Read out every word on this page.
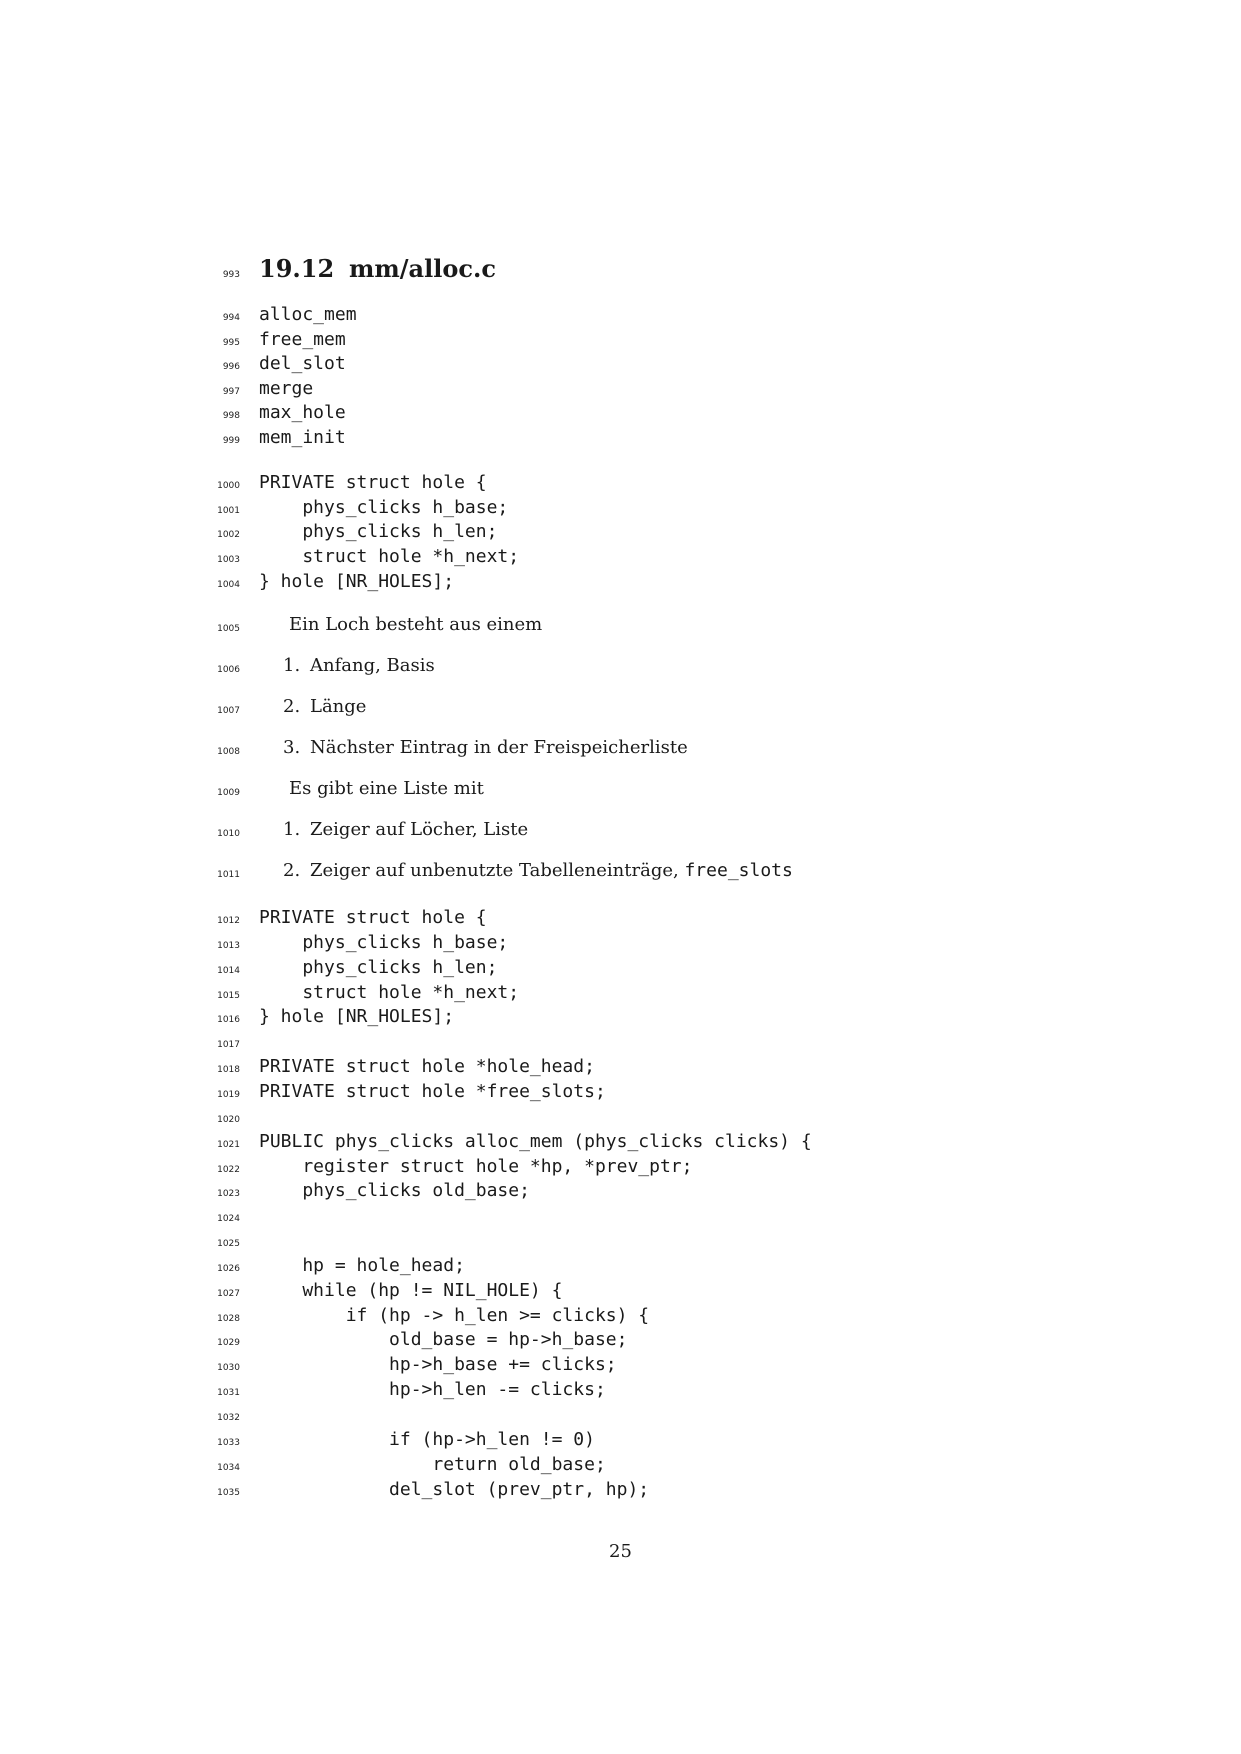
993 19.12 mm/alloc.c
994 alloc_mem
995 free_mem
996 del_slot
997 merge
998 max_hole
999 mem_init
1000 PRIVATE struct hole {
1001 phys_clicks h_base;
1002 phys_clicks h_len;
1003 struct hole *h_next;
1004 } hole [NR_HOLES];
1005	Ein Loch besteht aus einem
1006 1. Anfang, Basis
1007 2. Länge
1008 3. Nächster Eintrag in der Freispeicherliste
1009	Es gibt eine Liste mit
1010 1. Zeiger auf Löcher, Liste
1011 2. Zeiger auf unbenutzte Tabelleneinträge, free_slots
1012 PRIVATE struct hole {
1013 phys_clicks h_base;
1014 phys_clicks h_len;
1015 struct hole *h_next;
1016 } hole [NR_HOLES];
1017
1018 PRIVATE struct hole *hole_head;
1019 PRIVATE struct hole *free_slots;
1020
1021 PUBLIC phys_clicks alloc_mem (phys_clicks clicks) {
1022 register struct hole *hp, *prev_ptr;
1023 phys_clicks old_base;
1024
1025
1026 hp = hole_head;
1027 while (hp != NIL_HOLE) {
1028 if (hp -> h_len >= clicks) {
1029 old_base = hp->h_base;
1030 hp->h_base += clicks;
1031 hp->h_len -= clicks;
1032
1033 if (hp->h_len != 0)
1034 return old_base;
1035 del_slot (prev_ptr, hp);
25
